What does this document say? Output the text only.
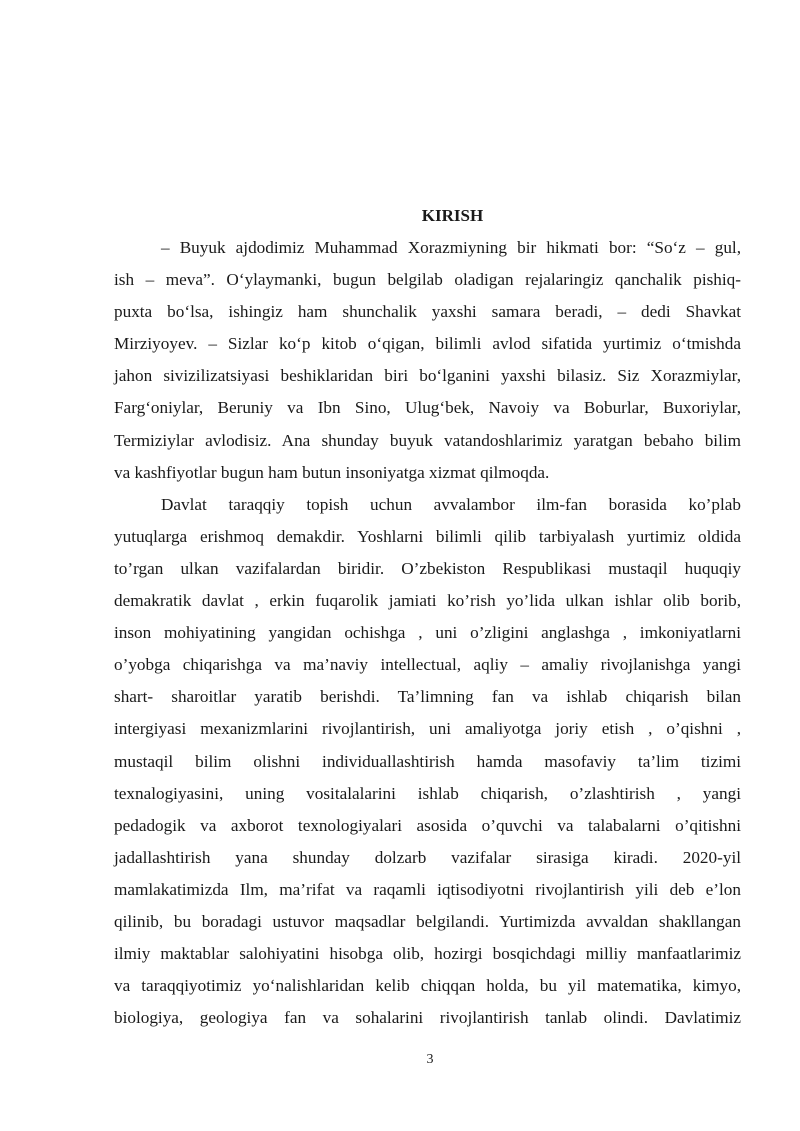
KIRISH
– Buyuk ajdodimiz Muhammad Xorazmiyning bir hikmati bor: “So‘z – gul,
ish – meva”. O‘ylaymanki, bugun belgilab oladigan rejalaringiz qanchalik pishiq-
puxta bo‘lsa, ishingiz ham shunchalik yaxshi samara beradi, – dedi Shavkat
Mirziyoyev. – Sizlar ko‘p kitob o‘qigan, bilimli avlod sifatida yurtimiz o‘tmishda
jahon sivizilizatsiyasi beshiklaridan biri bo‘lganini yaxshi bilasiz. Siz Xorazmiylar,
Farg‘oniylar, Beruniy va Ibn Sino, Ulug‘bek, Navoiy va Boburlar, Buxoriylar,
Termiziylar avlodisiz. Ana shunday buyuk vatandoshlarimiz yaratgan bebaho bilim
va kashfiyotlar bugun ham butun insoniyatga xizmat qilmoqda.
Davlat taraqqiy topish uchun avvalambor ilm-fan borasida ko’plab
yutuqlarga erishmoq demakdir. Yoshlarni bilimli qilib tarbiyalash yurtimiz oldida
to’rgan ulkan vazifalardan biridir. O’zbekiston Respublikasi mustaqil huquqiy
demakratik davlat , erkin fuqarolik jamiati ko’rish yo’lida ulkan ishlar olib borib,
inson mohiyatining yangidan ochishga , uni o’zligini anglashga , imkoniyatlarni
o’yobga chiqarishga va ma’naviy intellectual, aqliy – amaliy rivojlanishga yangi
shart- sharoitlar yaratib berishdi. Ta’limning fan va ishlab chiqarish bilan
intergiyasi mexanizmlarini rivojlantirish, uni amaliyotga joriy etish , o’qishni ,
mustaqil bilim olishni individuallashtirish hamda masofaviy ta’lim tizimi
texnalogiyasini, uning vositalalarini ishlab chiqarish, o’zlashtirish , yangi
pedadogik va axborot texnologiyalari asosida o’quvchi va talabalarni o’qitishni
jadallashtirish yana shunday dolzarb vazifalar sirasiga kiradi. 2020-yil
mamlakatimizda Ilm, ma’rifat va raqamli iqtisodiyotni rivojlantirish yili deb e’lon
qilinib, bu boradagi ustuvor maqsadlar belgilandi. Yurtimizda avvaldan shakllangan
ilmiy maktablar salohiyatini hisobga olib, hozirgi bosqichdagi milliy manfaatlarimiz
va taraqqiyotimiz yo‘nalishlaridan kelib chiqqan holda, bu yil matematika, kimyo,
biologiya, geologiya fan va sohalarini rivojlantirish tanlab olindi. Davlatimiz
3
